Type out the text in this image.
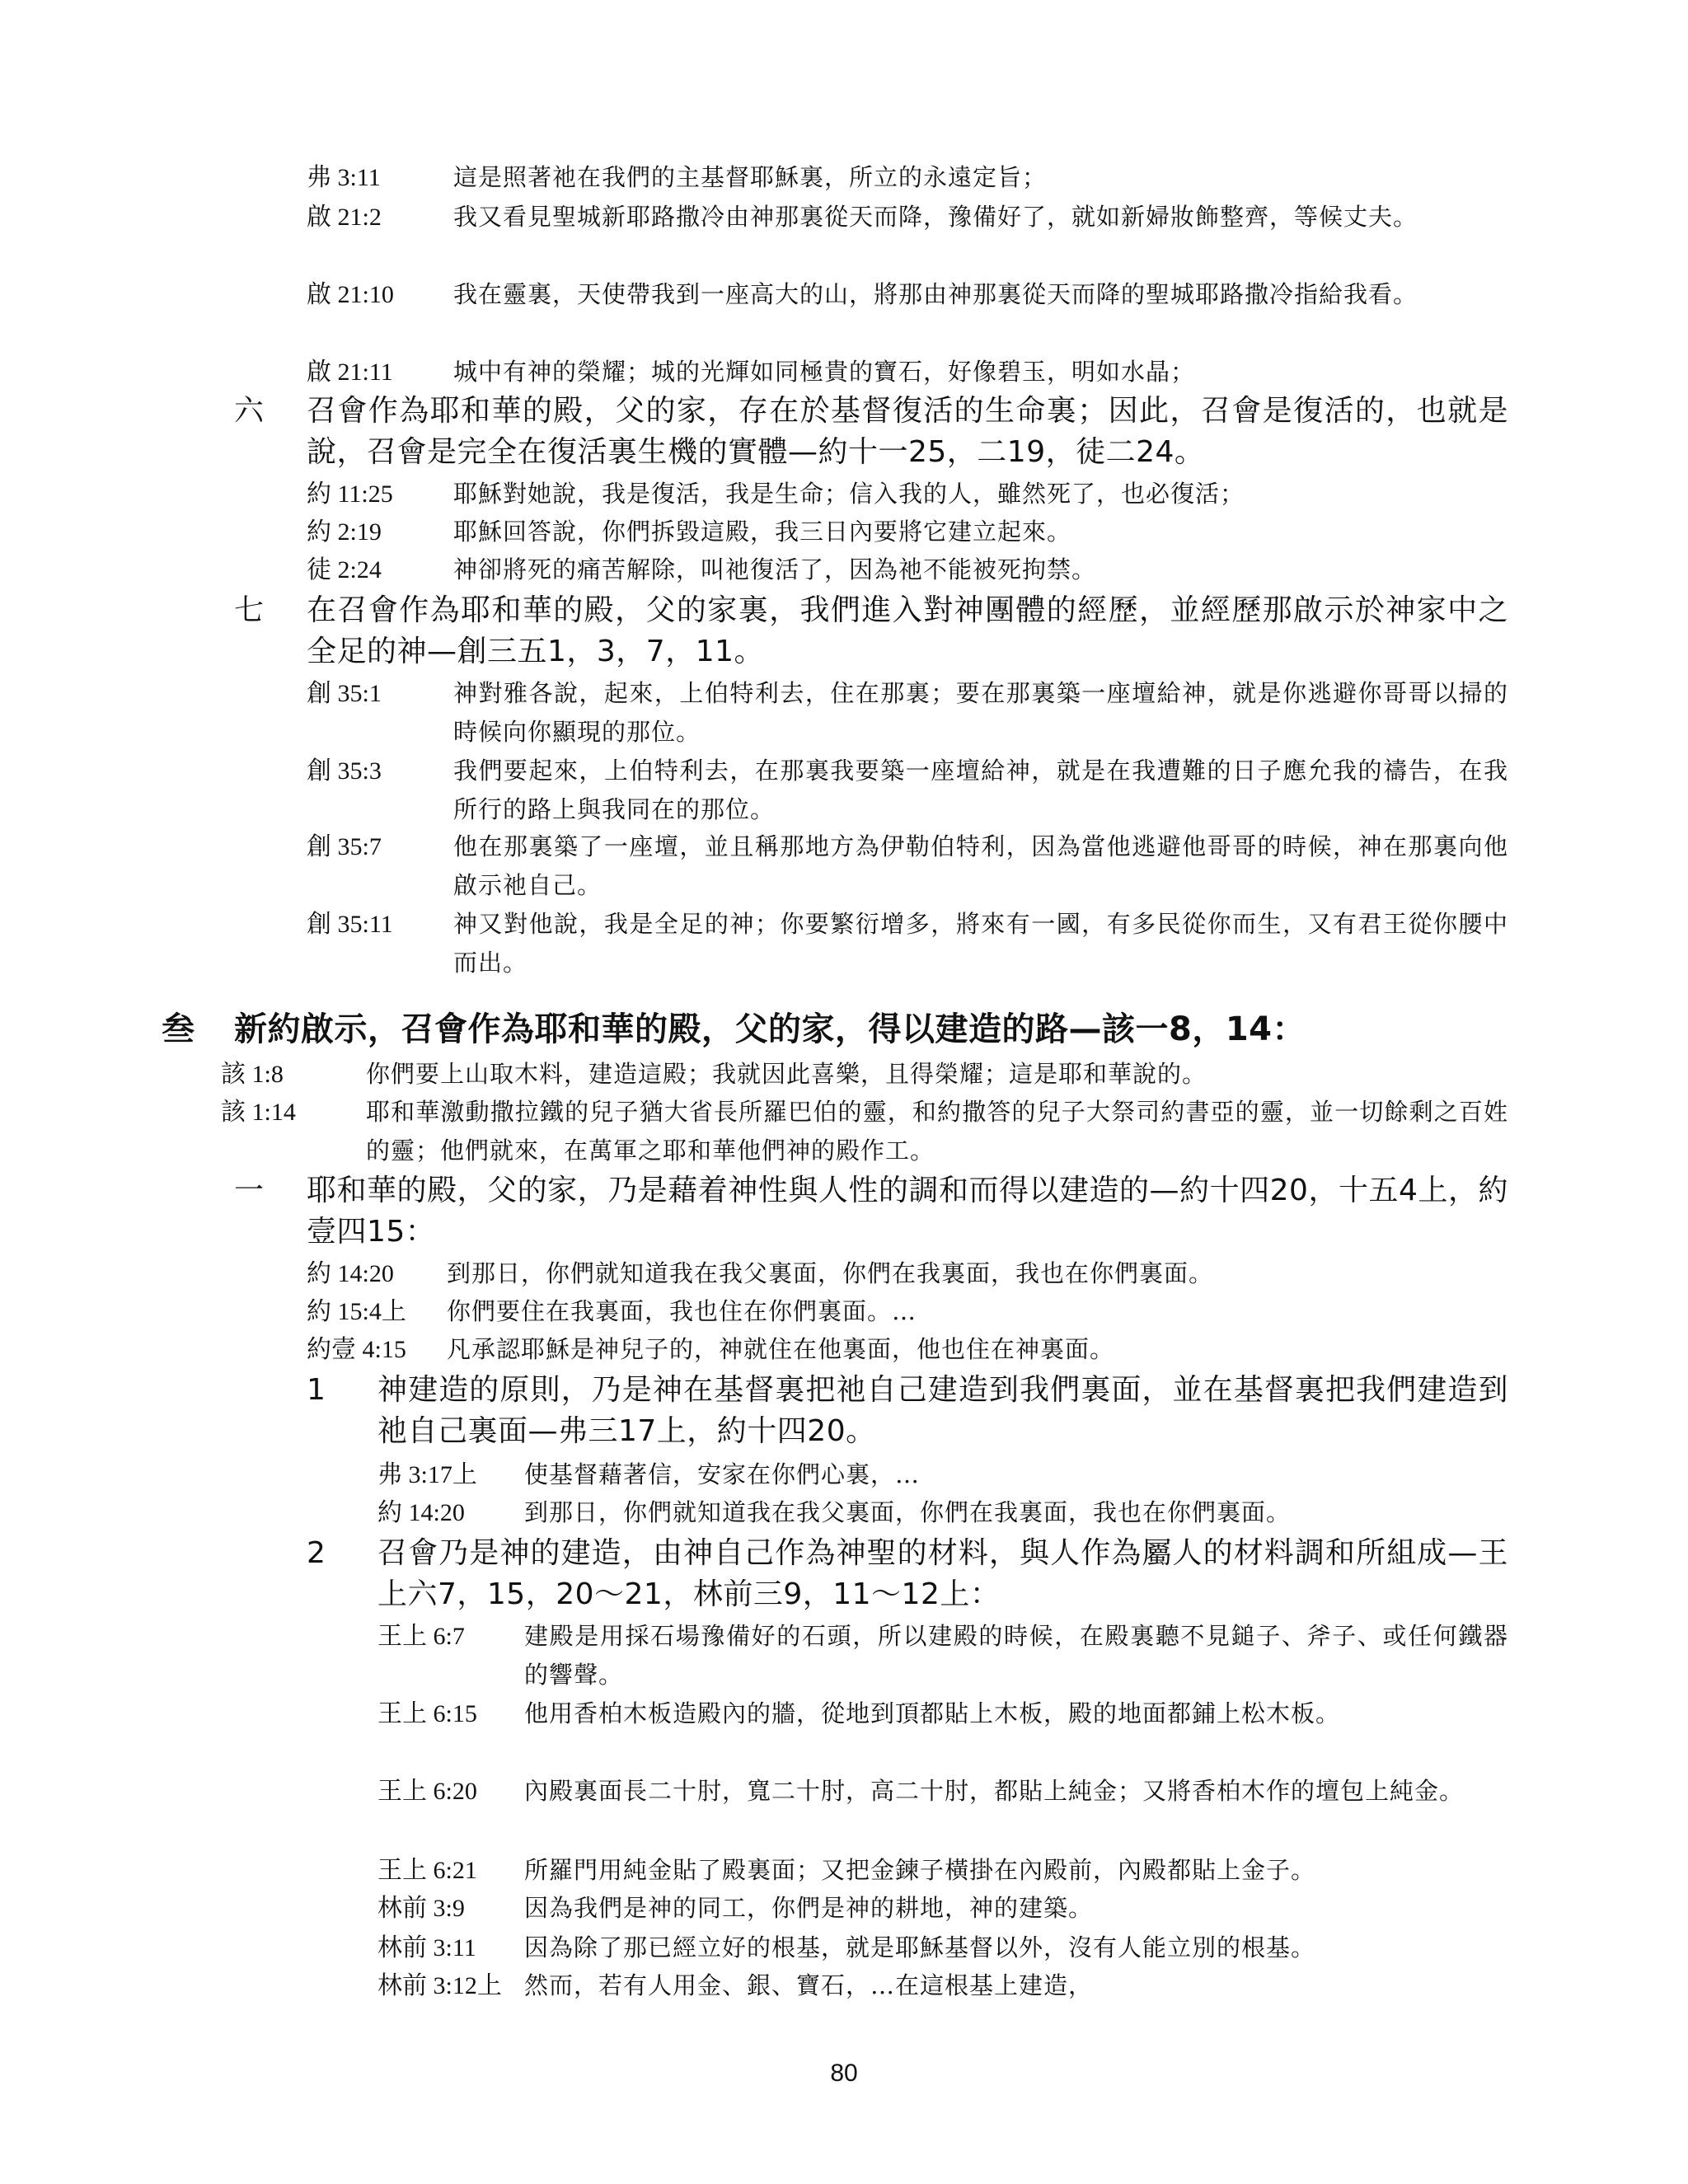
弗 3:11	這是照著祂在我們的主基督耶穌裏，所立的永遠定旨；
啟 21:2	我又看見聖城新耶路撒冷由神那裏從天而降，豫備好了，就如新婦妝飾整齊，等候丈夫。
啟 21:10	我在靈裏，天使帶我到一座高大的山，將那由神那裏從天而降的聖城耶路撒冷指給我看。
啟 21:11	城中有神的榮耀；城的光輝如同極貴的寶石，好像碧玉，明如水晶；
六	召會作為耶和華的殿，父的家，存在於基督復活的生命裏；因此，召會是復活的，也就是說，召會是完全在復活裏生機的實體—約十一25，二19，徒二24。
約 11:25	耶穌對她說，我是復活，我是生命；信入我的人，雖然死了，也必復活；
約 2:19	耶穌回答說，你們拆毀這殿，我三日內要將它建立起來。
徒 2:24	神卻將死的痛苦解除，叫祂復活了，因為祂不能被死拘禁。
七	在召會作為耶和華的殿，父的家裏，我們進入對神團體的經歷，並經歷那啟示於神家中之全足的神—創三五1，3，7，11。
創 35:1	神對雅各說，起來，上伯特利去，住在那裏；要在那裏築一座壇給神，就是你逃避你哥哥以掃的時候向你顯現的那位。
創 35:3	我們要起來，上伯特利去，在那裏我要築一座壇給神，就是在我遭難的日子應允我的禱告，在我所行的路上與我同在的那位。
創 35:7	他在那裏築了一座壇，並且稱那地方為伊勒伯特利，因為當他逃避他哥哥的時候，神在那裏向他啟示祂自己。
創 35:11	神又對他說，我是全足的神；你要繁衍增多，將來有一國，有多民從你而生，又有君王從你腰中而出。
叁	新約啟示，召會作為耶和華的殿，父的家，得以建造的路—該一8，14：
該 1:8	你們要上山取木料，建造這殿；我就因此喜樂，且得榮耀；這是耶和華說的。
該 1:14	耶和華激動撒拉鐵的兒子猶大省長所羅巴伯的靈，和約撒答的兒子大祭司約書亞的靈，並一切餘剩之百姓的靈；他們就來，在萬軍之耶和華他們神的殿作工。
一	耶和華的殿，父的家，乃是藉着神性與人性的調和而得以建造的—約十四20，十五4上，約壹四15：
約 14:20	到那日，你們就知道我在我父裏面，你們在我裏面，我也在你們裏面。
約 15:4上	你們要住在我裏面，我也住在你們裏面。…
約壹 4:15	凡承認耶穌是神兒子的，神就住在他裏面，他也住在神裏面。
1	神建造的原則，乃是神在基督裏把祂自己建造到我們裏面，並在基督裏把我們建造到祂自己裏面—弗三17上，約十四20。
弗 3:17上	使基督藉著信，安家在你們心裏，…
約 14:20	到那日，你們就知道我在我父裏面，你們在我裏面，我也在你們裏面。
2	召會乃是神的建造，由神自己作為神聖的材料，與人作為屬人的材料調和所組成—王上六7，15，20～21，林前三9，11～12上：
王上 6:7	建殿是用採石場豫備好的石頭，所以建殿的時候，在殿裏聽不見鎚子、斧子、或任何鐵器的響聲。
王上 6:15	他用香柏木板造殿內的牆，從地到頂都貼上木板，殿的地面都鋪上松木板。
王上 6:20	內殿裏面長二十肘，寬二十肘，高二十肘，都貼上純金；又將香柏木作的壇包上純金。
王上 6:21	所羅門用純金貼了殿裏面；又把金鍊子橫掛在內殿前，內殿都貼上金子。
林前 3:9	因為我們是神的同工，你們是神的耕地，神的建築。
林前 3:11	因為除了那已經立好的根基，就是耶穌基督以外，沒有人能立別的根基。
林前 3:12上 然而，若有人用金、銀、寶石，…在這根基上建造，
80
